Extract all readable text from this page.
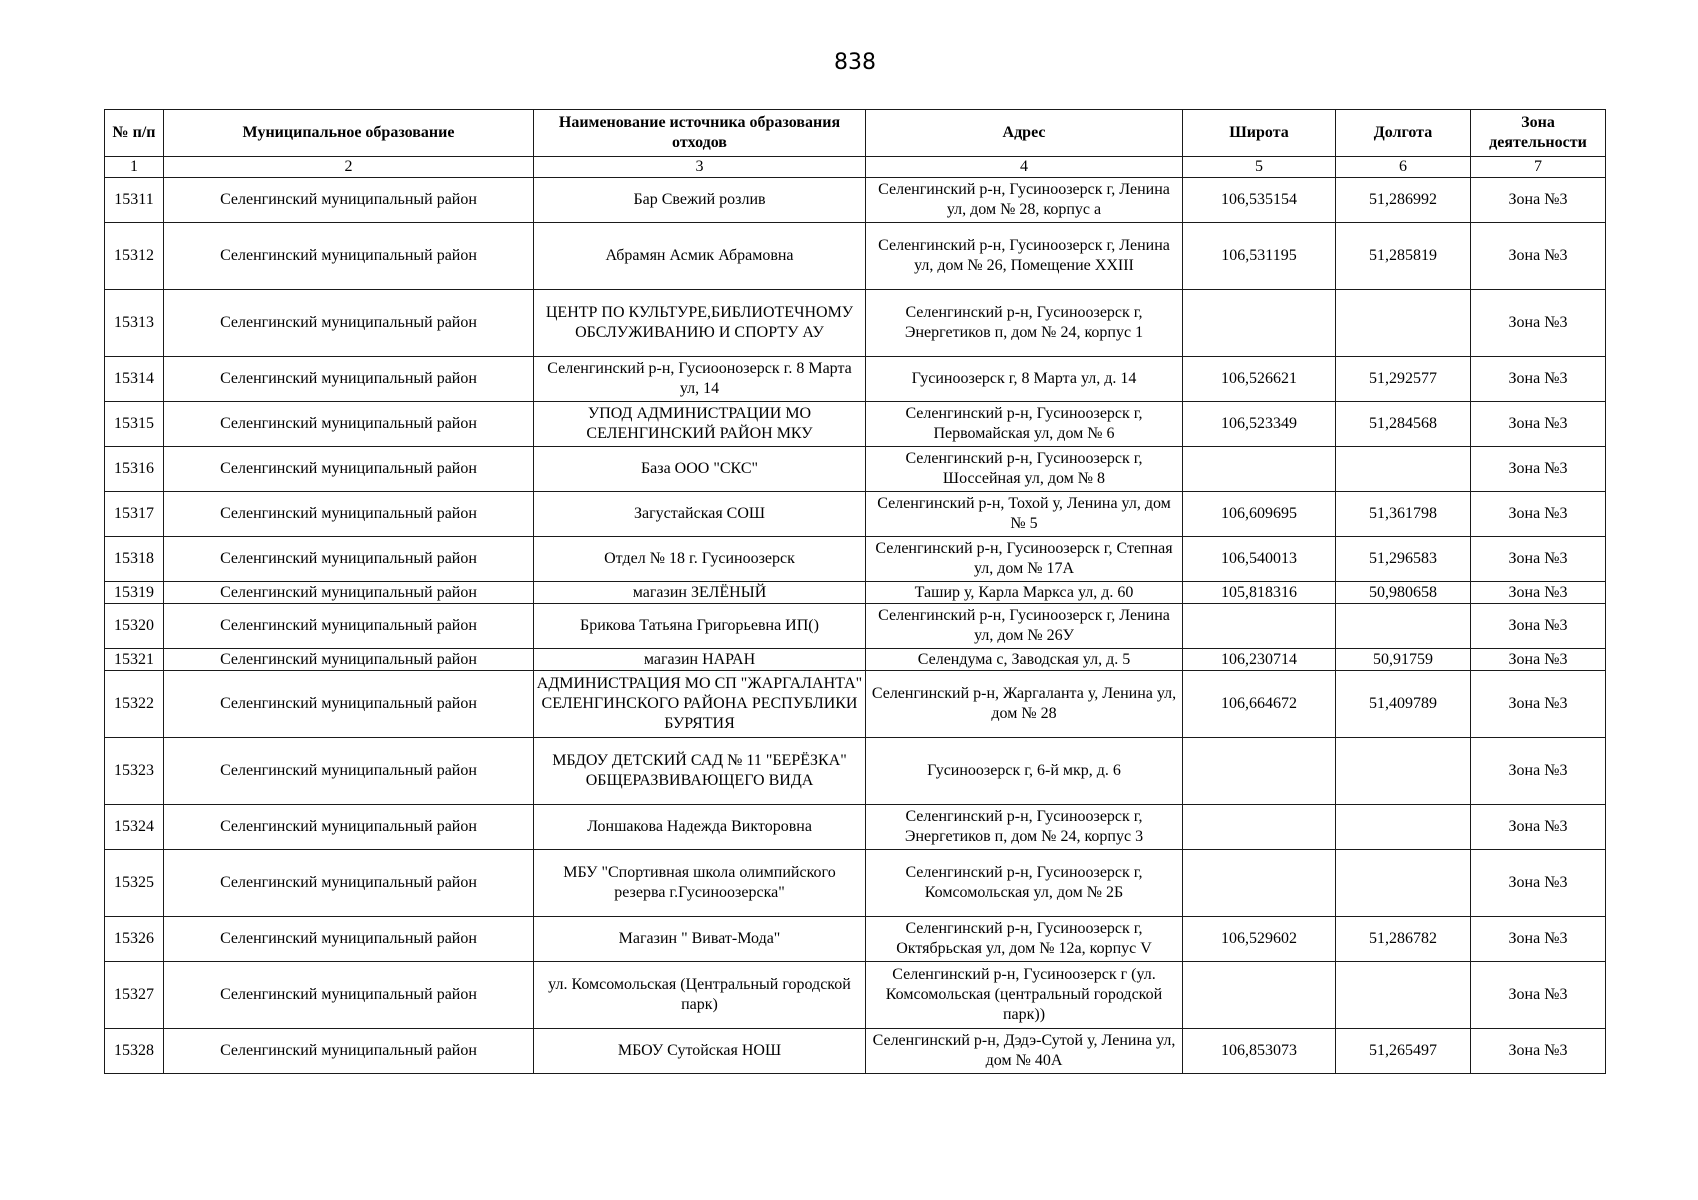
838
№ п/п	Муниципальное образование	Наименование источника образования отходов	Адрес	Широта	Долгота	Зона деятельности
1	2	3	4	5	6	7
15311	Селенгинский муниципальный район	Бар Свежий розлив	Селенгинский р-н, Гусиноозерск г, Ленина ул, дом № 28, корпус а	106,535154	51,286992	Зона №3
15312	Селенгинский муниципальный район	Абрамян Асмик Абрамовна	Селенгинский р-н, Гусиноозерск г, Ленина ул, дом № 26, Помещение XXIII	106,531195	51,285819	Зона №3
15313	Селенгинский муниципальный район	ЦЕНТР ПО КУЛЬТУРЕ,БИБЛИОТЕЧНОМУ ОБСЛУЖИВАНИЮ И СПОРТУ АУ	Селенгинский р-н, Гусиноозерск г, Энергетиков п, дом № 24, корпус 1			Зона №3
15314	Селенгинский муниципальный район	Селенгинский р-н, Гусиоонозерск г. 8 Марта ул, 14	Гусиноозерск г, 8 Марта ул, д. 14	106,526621	51,292577	Зона №3
15315	Селенгинский муниципальный район	УПОД АДМИНИСТРАЦИИ МО СЕЛЕНГИНСКИЙ РАЙОН МКУ	Селенгинский р-н, Гусиноозерск г, Первомайская ул, дом № 6	106,523349	51,284568	Зона №3
15316	Селенгинский муниципальный район	База ООО "СКС"	Селенгинский р-н, Гусиноозерск г, Шоссейная ул, дом № 8			Зона №3
15317	Селенгинский муниципальный район	Загустайская СОШ	Селенгинский р-н, Тохой у, Ленина ул, дом № 5	106,609695	51,361798	Зона №3
15318	Селенгинский муниципальный район	Отдел № 18 г. Гусиноозерск	Селенгинский р-н, Гусиноозерск г, Степная ул, дом № 17А	106,540013	51,296583	Зона №3
15319	Селенгинский муниципальный район	магазин ЗЕЛЁНЫЙ	Ташир у, Карла Маркса ул, д. 60	105,818316	50,980658	Зона №3
15320	Селенгинский муниципальный район	Брикова Татьяна Григорьевна ИП()	Селенгинский р-н, Гусиноозерск г, Ленина ул, дом № 26У			Зона №3
15321	Селенгинский муниципальный район	магазин НАРАН	Селендума с, Заводская ул, д. 5	106,230714	50,91759	Зона №3
15322	Селенгинский муниципальный район	АДМИНИСТРАЦИЯ МО СП "ЖАРГАЛАНТА" СЕЛЕНГИНСКОГО РАЙОНА РЕСПУБЛИКИ БУРЯТИЯ	Селенгинский р-н, Жаргаланта у, Ленина ул, дом № 28	106,664672	51,409789	Зона №3
15323	Селенгинский муниципальный район	МБДОУ ДЕТСКИЙ САД № 11 "БЕРЁЗКА" ОБЩЕРАЗВИВАЮЩЕГО ВИДА	Гусиноозерск г, 6-й мкр, д. 6			Зона №3
15324	Селенгинский муниципальный район	Лоншакова Надежда Викторовна	Селенгинский р-н, Гусиноозерск г, Энергетиков п, дом № 24, корпус 3			Зона №3
15325	Селенгинский муниципальный район	МБУ "Спортивная школа олимпийского резерва г.Гусиноозерска"	Селенгинский р-н, Гусиноозерск г, Комсомольская ул, дом № 2Б			Зона №3
15326	Селенгинский муниципальный район	Магазин " Виват-Мода"	Селенгинский р-н, Гусиноозерск г, Октябрьская ул, дом № 12а, корпус V	106,529602	51,286782	Зона №3
15327	Селенгинский муниципальный район	ул. Комсомольская (Центральный городской парк)	Селенгинский р-н, Гусиноозерск г (ул. Комсомольская (центральный городской парк))			Зона №3
15328	Селенгинский муниципальный район	МБОУ Сутойская НОШ	Селенгинский р-н, Дэдэ-Сутой у, Ленина ул, дом № 40А	106,853073	51,265497	Зона №3
